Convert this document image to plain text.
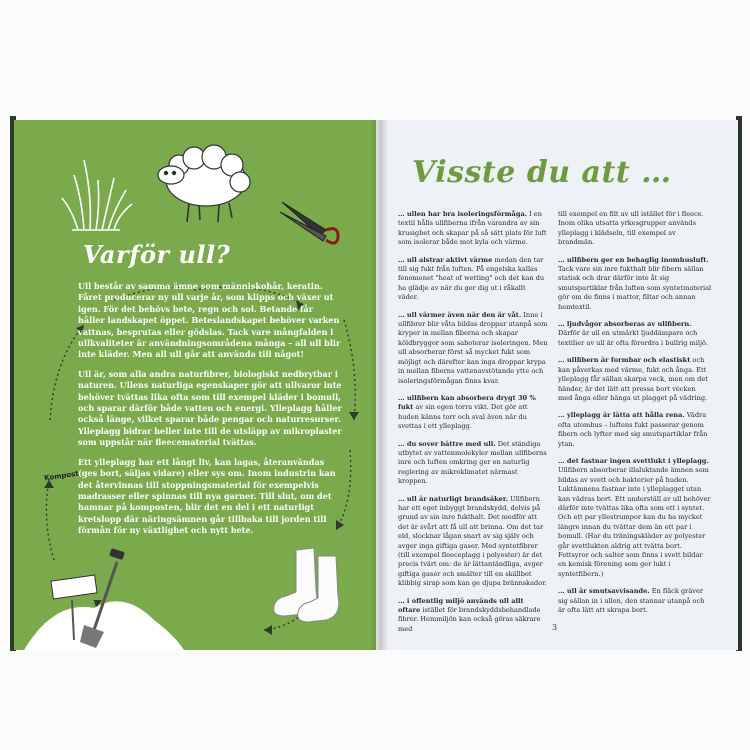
Kompost
Varför ull?

Ull består av samma ämne som människohår, keratin. Fåret producerar ny ull varje år, som klipps och växer ut igen. För det behövs bete, regn och sol. Betande får håller landskapet öppet. Beteslandskapet behöver varken vattnas, besprutas eller gödslas. Tack vare mångfalden i ullkvaliteter är användningsområdena många – all ull blir inte kläder. Men all ull går att använda till något!

Ull är, som alla andra naturfibrer, biologiskt nedbrytbar i naturen. Ullens naturliga egenskaper gör att ullvaror inte behöver tvättas lika ofta som till exempel kläder i bomull, och sparar därför både vatten och energi. Ylleplagg håller också länge, vilket sparar både pengar och naturresurser. Ylleplagg bidrar heller inte till de utsläpp av mikroplaster som uppstår när fleecematerial tvättas.

Ett ylleplagg har ett långt liv, kan lagas, återanvändas (ges bort, säljas vidare) eller sys om. Inom industrin kan det återvinnas till stoppningsmaterial för exempelvis madrasser eller spinnas till nya garner. Till slut, om det hamnar på komposten, blir det en del i ett naturligt kretslopp där näringsämnen går tillbaka till jorden till förmån för ny växtlighet och nytt bete.

Visste du att …

… ullen har bra isoleringsförmåga. I en textil hålls ullfiberna ifrån varandra av sin krusighet och skapar på så sätt plats för luft som isolerar både mot kyla och värme.

… ull alstrar aktivt värme medan den tar till sig fukt från luften. På engelska kallas fenomenet "heat of wetting" och det kan du ha glädje av när du ger dig ut i råkallt väder.

… ull värmer även när den är våt. Inne i ullfibrer blir våta bildas droppar utanpå som kryper in mellan fiberna och skapar köldbryggor som saboterar isoleringen. Men ull absorberar först så mycket fukt som möjligt och därefter kan inga droppar krypa in mellan fiberns vattenavstötande ytte och isoleringsförmågan finns kvar.

… ullfibern kan absorbera drygt 30 % fukt av sin egen torra vikt. Det gör att huden känns torr och sval även när du svettas i ett ylleplagg.

… du sover bättre med ull. Det ständiga utbytet av vattenmolekyler mellan ullfiberns inre och luften omkring ger en naturlig reglering av mikroklimatet närmast kroppen.

… ull är naturligt brandsäker. Ullfibern har ett eget inbyggt brandskydd, delvis på grund av sin inre fukthalt. Det medför att det är svårt att få ull att brinna. Om det tar eld, slocknar lågan snart av sig själv och avger inga giftiga gaser. Med syntetfibrer (till exempel fleeceplagg i polyester) är det precis tvärt om: de är lättantändliga, avger giftiga gaser och smälter till en skällbet klibbig sirap som kan ge djupa brännskador.

… i offentlig miljö används ull allt oftare istället för brandskyddsbehandlade fibrer. Hemmiljön kan också göras säkrare med

till exempel en filt av ull istället för i fleece. Inom olika utsatta yrkesgrupper används ylleplagg i klädseln, till exempel av brandmän.

… ullfibern ger en behaglig inomhusluft. Tack vare sin inre fukthalt blir fibern sällan statisk och drar därför inte åt sig smutspartiklar från luften som syntetmaterial gör om de finns i mattor, filtar och annan hemtextil.

… ljudvågor absorberas av ullfibern. Därför är ull en utmärkt ljuddämpare och textilier av ull är ofta förordra i bullrig miljö.

… ullfibern är formbar och elastiskt och kan påverkas med värme, fukt och ånga. Ett ylleplagg får sällan skarpa veck, men om det händer, är det lätt att pressa bort vecken med ånga eller hänga ut plagget på vädring.

… ylleplagg är lätta att hålla rena. Vädra ofta utomhus – luftens fukt passerar genom fibern och lyfter med sig smutspartiklar från ytan.

… det fastnar ingen svettlukt i ylleplagg. Ullfibern absorberar illaluktande ämnen som bildas av svett och bakterier på huden. Luktämnena fastnar inte i ylleplagget utan kan vädras bort. Ett underställ av ull behöver därför inte tvättas lika ofta som ett i syntet. Och ett par yllestrumpor kan du ha mycket längre innan du tvättar dem än ett par i bomull. (Har du träningskläder av polyester går svettlukten aldrig att tvätta bort. Fettsyror och salter som finns i svett bildar en kemisk förening som ger lukt i syntetfibern.)

… ull är smutsavvisande. En fläck gräver sig sällan in i ullen, den stannar utanpå och är ofta lätt att skrapa bort.

3
